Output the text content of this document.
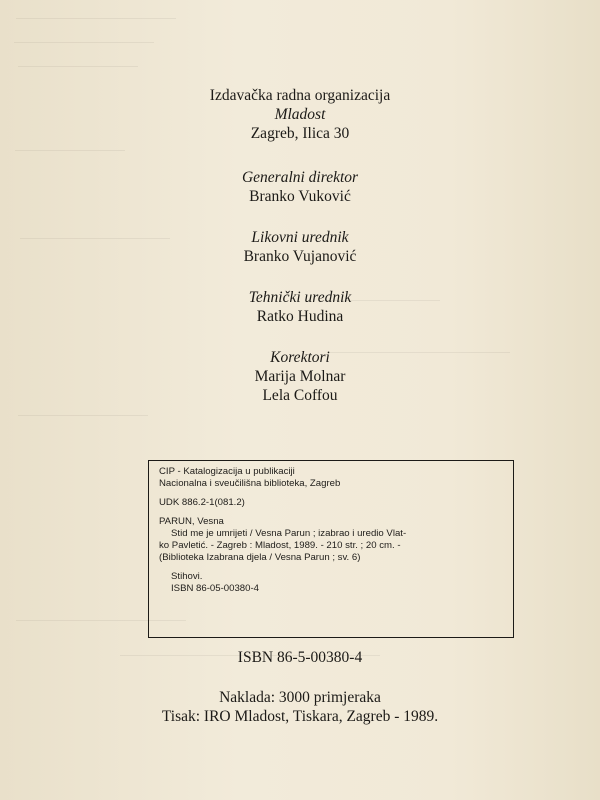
Izdavačka radna organizacija
Mladost
Zagreb, Ilica 30
Generalni direktor
Branko Vuković
Likovni urednik
Branko Vujanović
Tehnički urednik
Ratko Hudina
Korektori
Marija Molnar
Lela Coffou
CIP - Katalogizacija u publikaciji
Nacionalna i sveučilišna biblioteka, Zagreb
UDK 886.2-1(081.2)
PARUN, Vesna
Stid me je umrijeti / Vesna Parun ; izabrao i uredio Vlat-
ko Pavletić. - Zagreb : Mladost, 1989. - 210 str. ; 20 cm. -
(Biblioteka Izabrana djela / Vesna Parun ; sv. 6)
Stihovi.
ISBN 86-05-00380-4
ISBN 86-5-00380-4
Naklada: 3000 primjeraka
Tisak: IRO Mladost, Tiskara, Zagreb - 1989.
